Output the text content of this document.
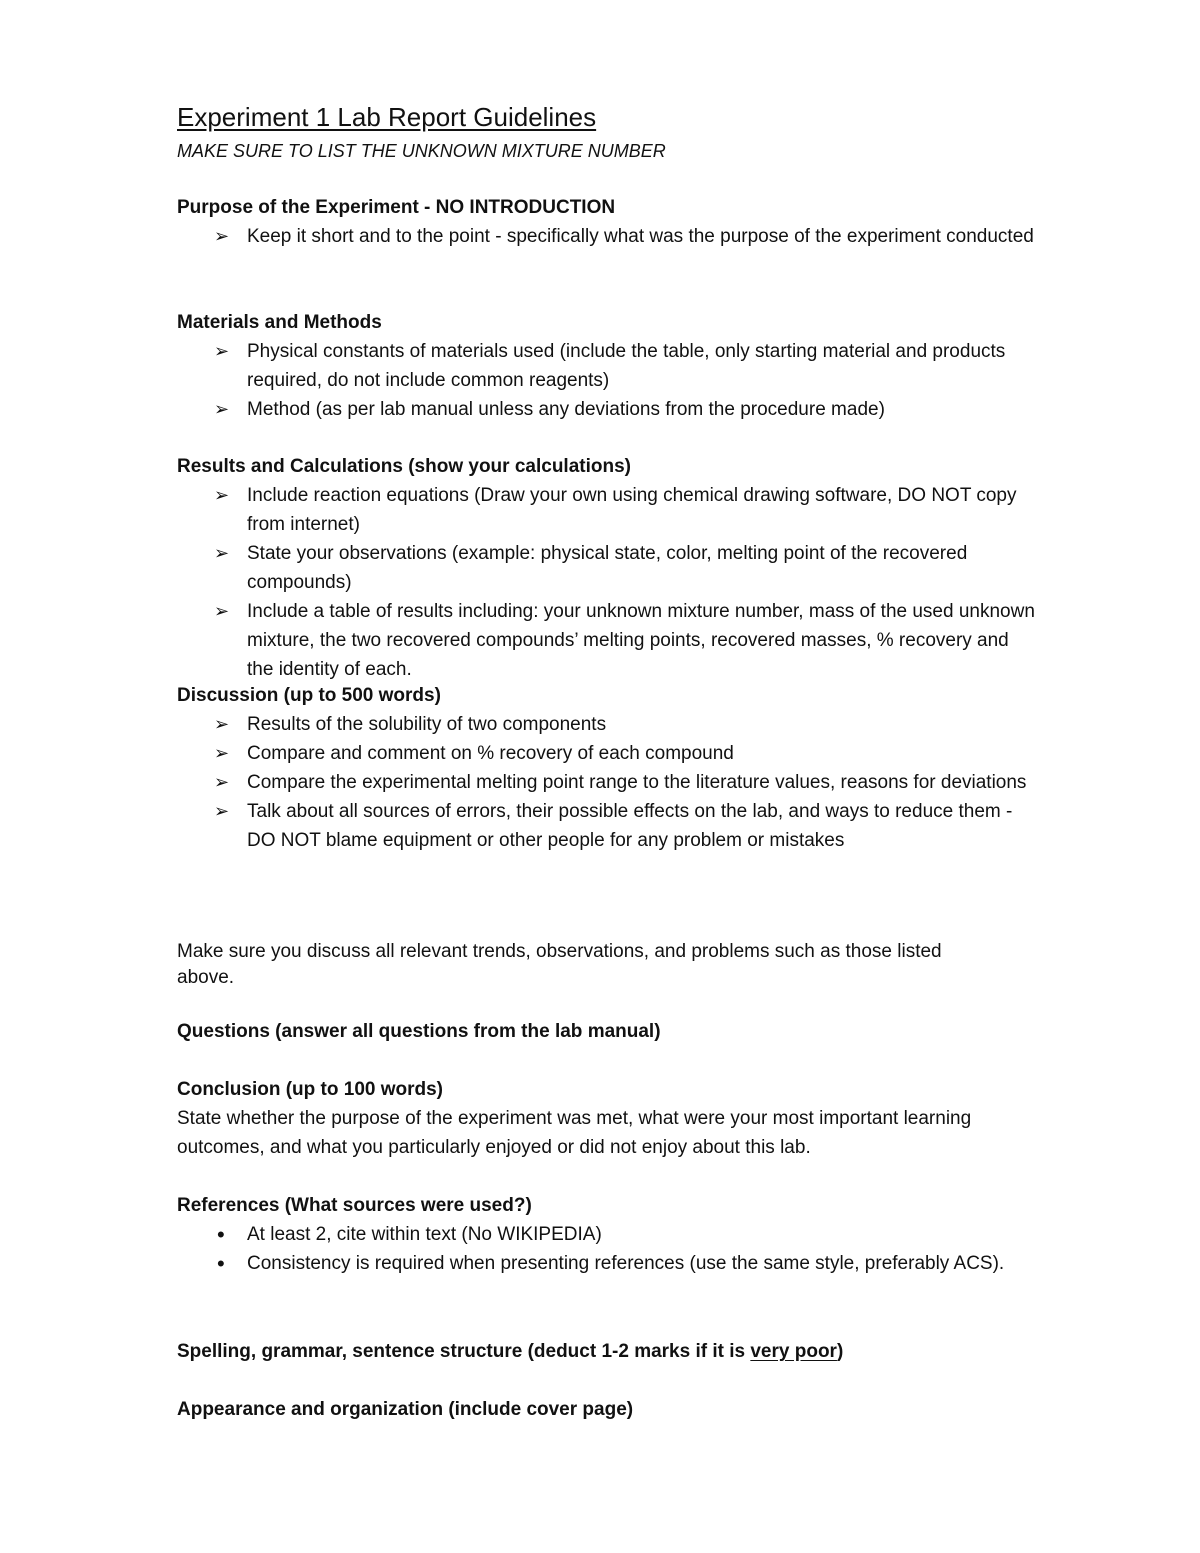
Experiment 1 Lab Report Guidelines
MAKE SURE TO LIST THE UNKNOWN MIXTURE NUMBER
Purpose of the Experiment - NO INTRODUCTION
➢ Keep it short and to the point - specifically what was the purpose of the experiment conducted
Materials and Methods
➢ Physical constants of materials used (include the table, only starting material and products required, do not include common reagents)
➢ Method (as per lab manual unless any deviations from the procedure made)
Results and Calculations (show your calculations)
➢ Include reaction equations (Draw your own using chemical drawing software, DO NOT copy from internet)
➢ State your observations (example: physical state, color, melting point of the recovered compounds)
➢ Include a table of results including: your unknown mixture number, mass of the used unknown mixture, the two recovered compounds’ melting points, recovered masses, % recovery and the identity of each.
Discussion (up to 500 words)
➢ Results of the solubility of two components
➢ Compare and comment on % recovery of each compound
➢ Compare the experimental melting point range to the literature values, reasons for deviations
➢ Talk about all sources of errors, their possible effects on the lab, and ways to reduce them - DO NOT blame equipment or other people for any problem or mistakes
Make sure you discuss all relevant trends, observations, and problems such as those listed above.
Questions (answer all questions from the lab manual)
Conclusion (up to 100 words)
State whether the purpose of the experiment was met, what were your most important learning outcomes, and what you particularly enjoyed or did not enjoy about this lab.
References (What sources were used?)
•	At least 2, cite within text (No WIKIPEDIA)
•	Consistency is required when presenting references (use the same style, preferably ACS).
Spelling, grammar, sentence structure (deduct 1-2 marks if it is very poor)
Appearance and organization (include cover page)
